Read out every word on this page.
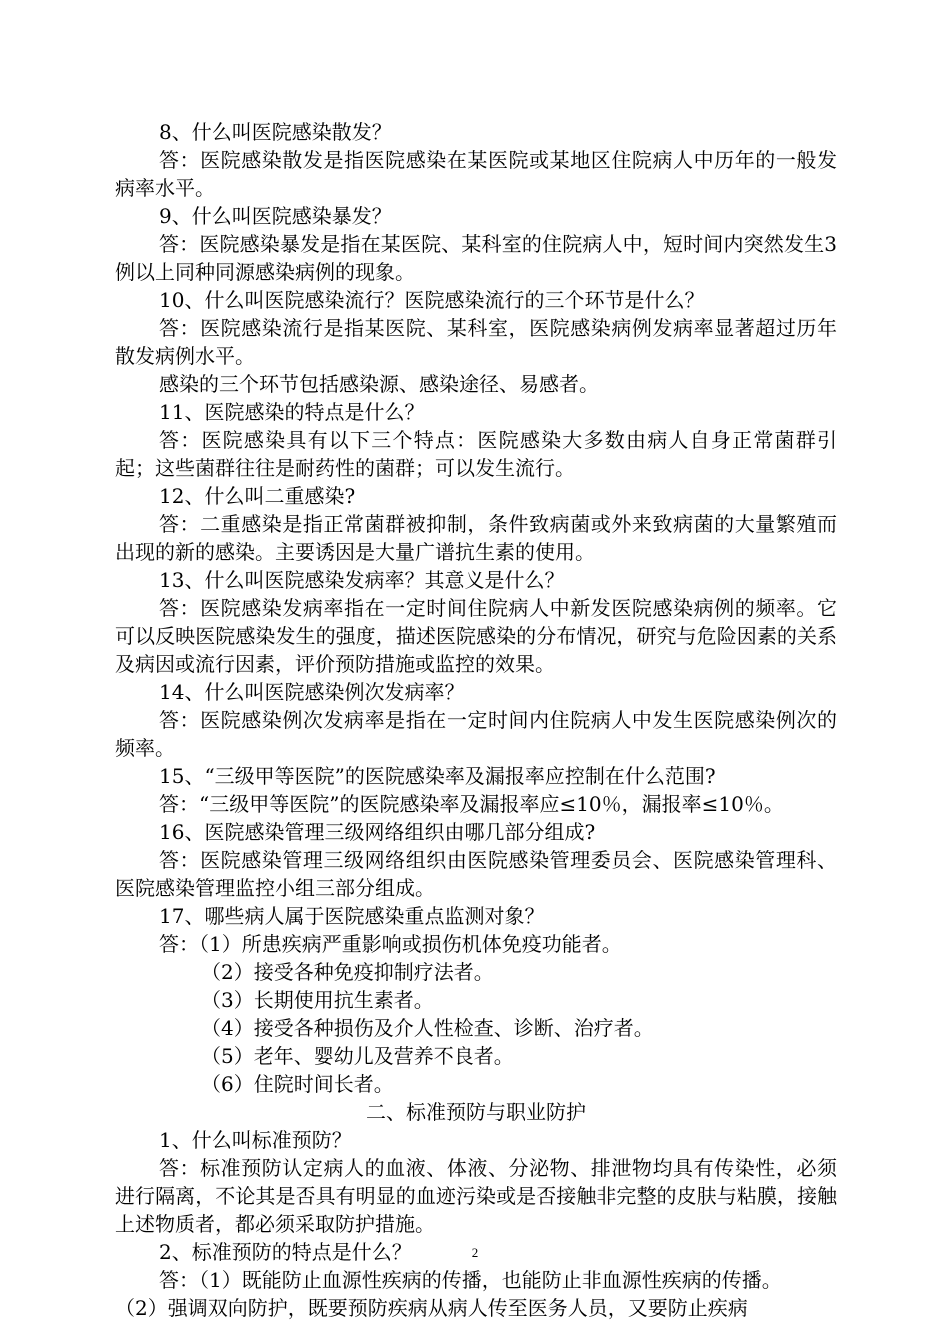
8、什么叫医院感染散发？

答：医院感染散发是指医院感染在某医院或某地区住院病人中历年的一般发病率水平。

9、什么叫医院感染暴发？

答：医院感染暴发是指在某医院、某科室的住院病人中，短时间内突然发生3例以上同种同源感染病例的现象。

10、什么叫医院感染流行？医院感染流行的三个环节是什么？

答：医院感染流行是指某医院、某科室，医院感染病例发病率显著超过历年散发病例水平。

感染的三个环节包括感染源、感染途径、易感者。

11、医院感染的特点是什么？

答：医院感染具有以下三个特点：医院感染大多数由病人自身正常菌群引起；这些菌群往往是耐药性的菌群；可以发生流行。

12、什么叫二重感染?

答：二重感染是指正常菌群被抑制，条件致病菌或外来致病菌的大量繁殖而出现的新的感染。主要诱因是大量广谱抗生素的使用。

13、什么叫医院感染发病率？其意义是什么？

答：医院感染发病率指在一定时间住院病人中新发医院感染病例的频率。它可以反映医院感染发生的强度，描述医院感染的分布情况，研究与危险因素的关系及病因或流行因素，评价预防措施或监控的效果。

14、什么叫医院感染例次发病率？

答：医院感染例次发病率是指在一定时间内住院病人中发生医院感染例次的频率。

15、“三级甲等医院”的医院感染率及漏报率应控制在什么范围?

答：“三级甲等医院”的医院感染率及漏报率应≤10％，漏报率≤10％。

16、医院感染管理三级网络组织由哪几部分组成?

答：医院感染管理三级网络组织由医院感染管理委员会、医院感染管理科、医院感染管理监控小组三部分组成。

17、哪些病人属于医院感染重点监测对象？

答：（1）所患疾病严重影响或损伤机体免疫功能者。

（2）接受各种免疫抑制疗法者。

（3）长期使用抗生素者。

（4）接受各种损伤及介人性检查、诊断、治疗者。

（5）老年、婴幼儿及营养不良者。

（6）住院时间长者。

二、标准预防与职业防护

1、什么叫标准预防？

答：标准预防认定病人的血液、体液、分泌物、排泄物均具有传染性，必须进行隔离，不论其是否具有明显的血迹污染或是否接触非完整的皮肤与粘膜，接触上述物质者，都必须采取防护措施。

2、标准预防的特点是什么？

答：（1）既能防止血源性疾病的传播，也能防止非血源性疾病的传播。

（2）强调双向防护，既要预防疾病从病人传至医务人员，又要防止疾病

2
